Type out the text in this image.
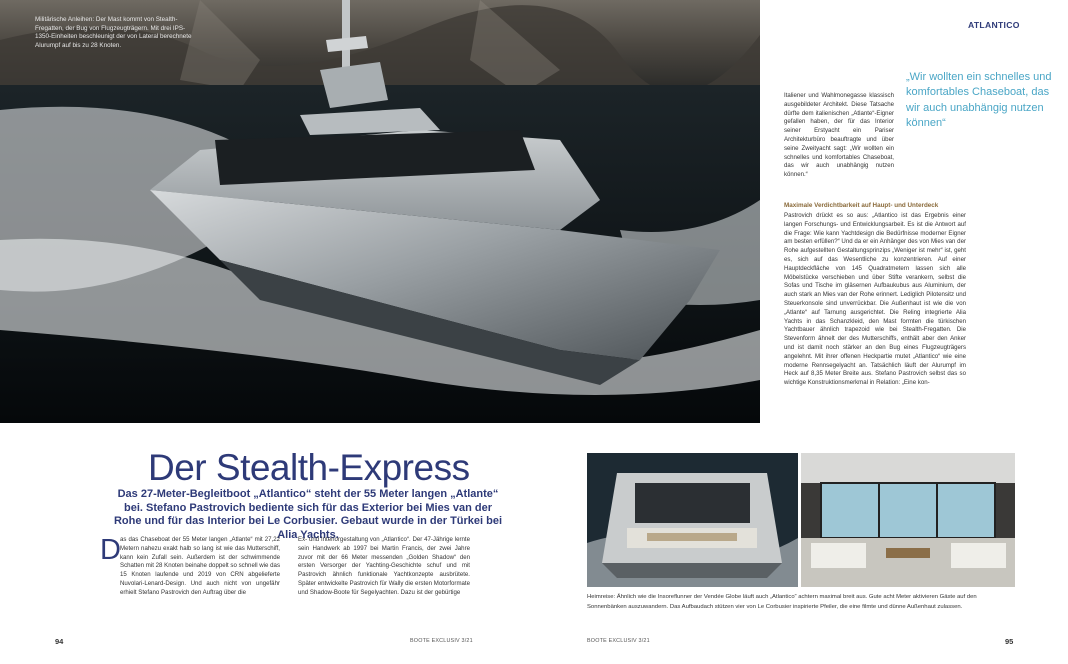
Militärische Anleihen: Der Mast kommt von Stealth-Fregatten, der Bug von Flugzeugträgern. Mit drei IPS-1350-Einheiten beschleunigt der von Lateral berechnete Alurumpf auf bis zu 28 Knoten.
Der Stealth-Express
Das 27-Meter-Begleitboot „Atlantico“ steht der 55 Meter langen „Atlante“ bei. Stefano Pastrovich bediente sich für das Exterior bei Mies van der Rohe und für das Interior bei Le Corbusier. Gebaut wurde in der Türkei bei Alia Yachts.
D as das Chaseboat der 55 Meter langen „Atlante“ mit 27,22 Metern nahezu exakt halb so lang ist wie das Mutterschiff, kann kein Zufall sein. Außerdem ist der schwimmende Schatten mit 28 Knoten beinahe doppelt so schnell wie das 15 Knoten laufende und 2019 von CRN abgelieferte Nuvolari-Lenard-Design. Und auch nicht von ungefähr erhielt Stefano Pastrovich den Auftrag über die
Ex- und Interiorgestaltung von „Atlantico“. Der 47-Jährige lernte sein Handwerk ab 1997 bei Martin Francis, der zwei Jahre zuvor mit der 66 Meter messenden „Golden Shadow“ den ersten Versorger der Yachting-Geschichte schuf und mit Pastrovich ähnlich funktionale Yachtkonzepte ausbrütete. Später entwickelte Pastrovich für Wally die ersten Motorformate und Shadow-Boote für Segelyachten. Dazu ist der gebürtige
94	BOOTE EXCLUSIV 3/21
ATLANTICO
„Wir wollten ein schnelles und komfortables Chaseboat, das wir auch unabhängig nutzen können“
Italiener und Wahlmonegasse klassisch ausgebildeter Architekt. Diese Tatsache dürfte dem italienischen „Atlante“-Eigner gefallen haben, der für das Interior seiner Erstyacht ein Pariser Architekturbüro beauftragte und über seine Zweityacht sagt: „Wir wollten ein schnelles und komfortables Chaseboat, das wir auch unabhängig nutzen können.“
Maximale Verdichtbarkeit auf Haupt- und Unterdeck
Pastrovich drückt es so aus: „Atlantico ist das Ergebnis einer langen Forschungs- und Entwicklungsarbeit. Es ist die Antwort auf die Frage: Wie kann Yachtdesign die Bedürfnisse moderner Eigner am besten erfüllen?“ Und da er ein Anhänger des von Mies van der Rohe aufgestellten Gestaltungsprinzips „Weniger ist mehr“ ist, geht es, sich auf das Wesentliche zu konzentrieren. Auf einer Hauptdeckfläche von 145 Quadratmetern lassen sich alle Möbelstücke verschieben und über Stifte verankern, selbst die Sofas und Tische im gläsernen Aufbaukubus aus Aluminium, der auch stark an Mies van der Rohe erinnert. Lediglich Pilotensitz und Steuerkonsole sind unverrückbar. Die Außenhaut ist wie die von „Atlante“ auf Tarnung ausgerichtet. Die Reling integrierte Alia Yachts in das Schanzkleid, den Mast formten die türkischen Yachtbauer ähnlich trapezoid wie bei Stealth-Fregatten. Die Stevenform ähnelt der des Mutterschiffs, enthält aber den Anker und ist damit noch stärker an den Bug eines Flugzeugträgers angelehnt. Mit ihrer offenen Heckpartie mutet „Atlantico“ wie eine moderne Rennsegelyacht an. Tatsächlich läuft der Alurumpf im Heck auf 8,35 Meter Breite aus. Stefano Pastrovich selbst das so wichtige Konstruktionsmerkmal in Relation: „Eine kon-
Heimreise: Ähnlich wie die Insoreflunner der Vendée Globe läuft auch „Atlantico“ achtern maximal breit aus. Gute acht Meter aktivieren Gäste auf den Sonnenbänken auszuwandern. Das Aufbaudach stützen vier von Le Corbusier inspirierte Pfeiler, die eine filmte und dünne Außenhaut zulassen.
BOOTE EXCLUSIV 3/21	95
